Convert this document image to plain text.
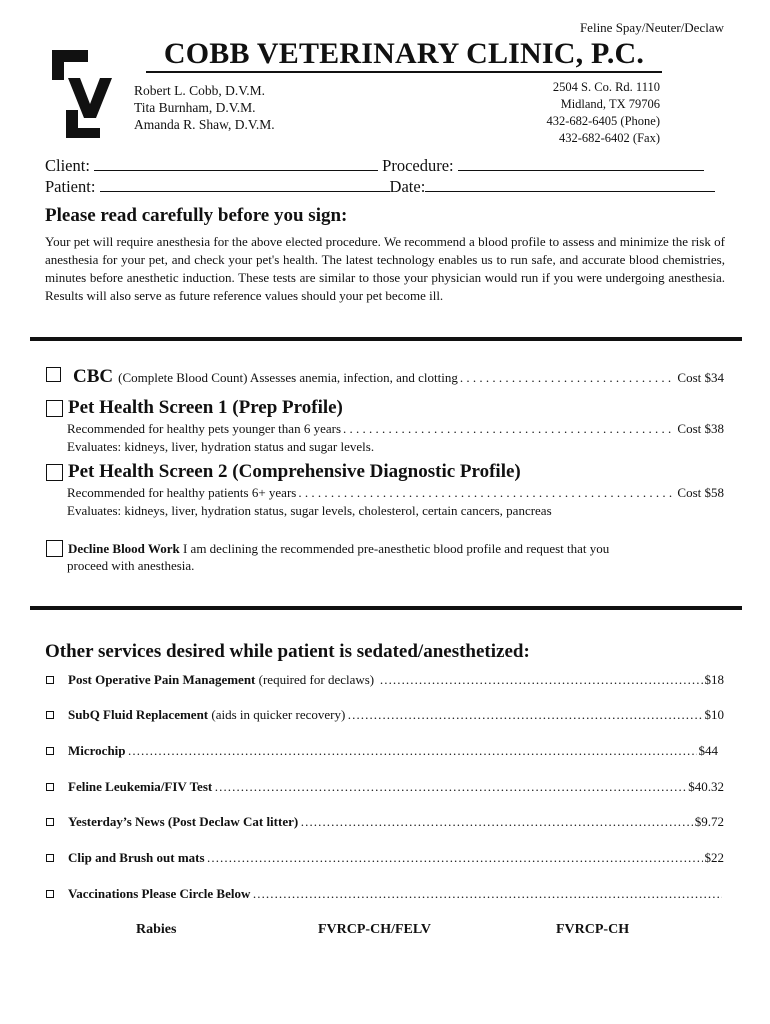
Feline Spay/Neuter/Declaw
COBB VETERINARY CLINIC, P.C.
Robert L. Cobb, D.V.M.
Tita Burnham, D.V.M.
Amanda R. Shaw, D.V.M.
2504 S. Co. Rd. 1110
Midland, TX 79706
432-682-6405 (Phone)
432-682-6402 (Fax)
Client:	Procedure:
Patient:	Date:
Please read carefully before you sign:
Your pet will require anesthesia for the above elected procedure. We recommend a blood profile to assess and minimize the risk of anesthesia for your pet, and check your pet's health. The latest technology enables us to run safe, and accurate blood chemistries, minutes before anesthetic induction. These tests are similar to those your physician would run if you were undergoing anesthesia. Results will also serve as future reference values should your pet become ill.
CBC (Complete Blood Count) Assesses anemia, infection, and clotting . . .	Cost $34
Pet Health Screen 1 (Prep Profile)
Recommended for healthy pets younger than 6 years . . .	Cost $38
Evaluates: kidneys, liver, hydration status and sugar levels.
Pet Health Screen 2 (Comprehensive Diagnostic Profile)
Recommended for healthy patients 6+ years . . .	Cost $58
Evaluates: kidneys, liver, hydration status, sugar levels, cholesterol, certain cancers, pancreas
Decline Blood Work I am declining the recommended pre-anesthetic blood profile and request that you
proceed with anesthesia.
Other services desired while patient is sedated/anesthetized:
Post Operative Pain Management (required for declaws) ………………………………………………………………………………………………………………………………………………………………………………	$18
SubQ Fluid Replacement (aids in quicker recovery) ………………………………………………………………………………………………………………………………………………………………………………	$10
Microchip ………………………………………………………………………………………………………………………………………………………………………………	$44
Feline Leukemia/FIV Test ………………………………………………………………………………………………………………………………………………………………………………	$40.32
Yesterday’s News (Post Declaw Cat litter) ………………………………………………………………………………………………………………………………………………………………………………	$9.72
Clip and Brush out mats ………………………………………………………………………………………………………………………………………………………………………………	$22
Vaccinations Please Circle Below
………………………………………………………………………………………………………………………………………………………………………………
Rabies	FVRCP-CH/FELV	FVRCP-CH
